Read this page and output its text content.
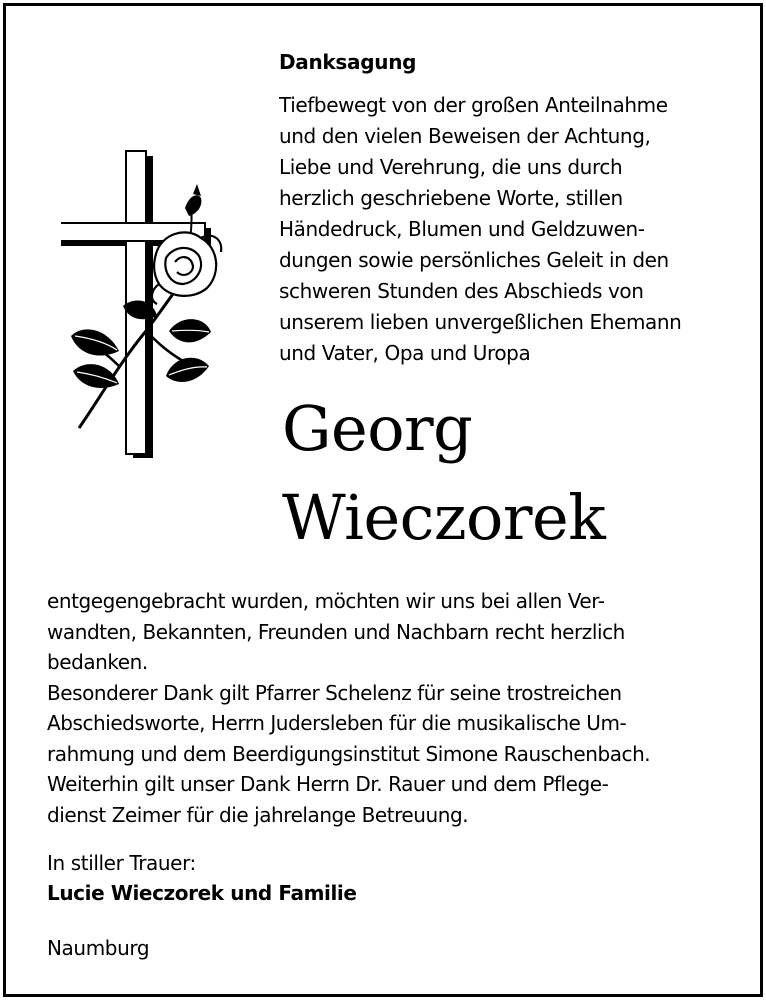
Danksagung
Tiefbewegt von der großen Anteilnahme
und den vielen Beweisen der Achtung,
Liebe und Verehrung, die uns durch
herzlich geschriebene Worte, stillen
Händedruck, Blumen und Geldzuwen-
dungen sowie persönliches Geleit in den
schweren Stunden des Abschieds von
unserem lieben unvergeßlichen Ehemann
und Vater, Opa und Uropa
Georg
Wieczorek
entgegengebracht wurden, möchten wir uns bei allen Ver-
wandten, Bekannten, Freunden und Nachbarn recht herzlich
bedanken.
Besonderer Dank gilt Pfarrer Schelenz für seine trostreichen
Abschiedsworte, Herrn Judersleben für die musikalische Um-
rahmung und dem Beerdigungsinstitut Simone Rauschenbach.
Weiterhin gilt unser Dank Herrn Dr. Rauer und dem Pflege-
dienst Zeimer für die jahrelange Betreuung.
In stiller Trauer:
Lucie Wieczorek und Familie
Naumburg
